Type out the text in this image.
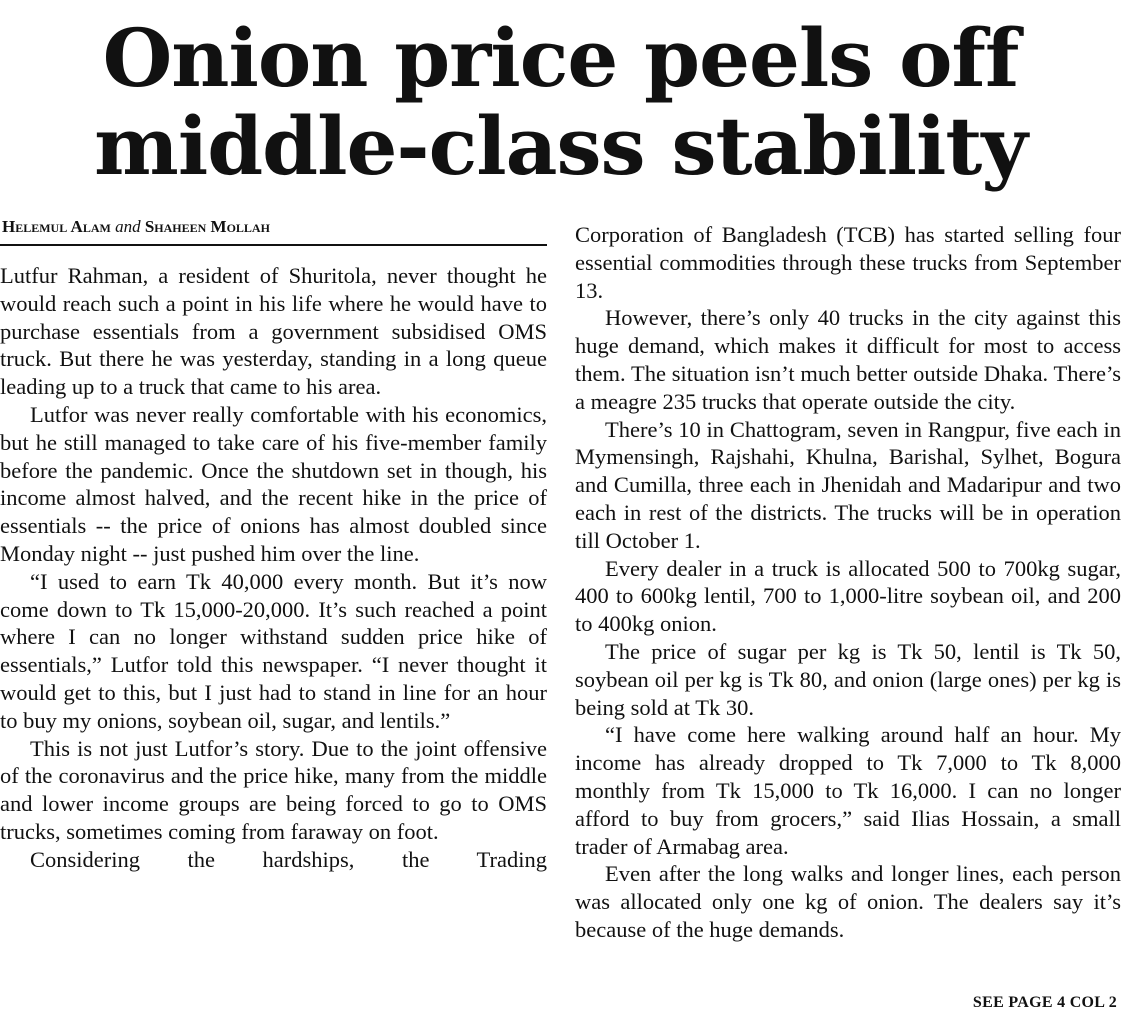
Onion price peels off
middle-class stability
Helemul Alam and Shaheen Mollah

Lutfur Rahman, a resident of Shuritola, never thought he would reach such a point in his life where he would have to purchase essentials from a government subsidised OMS truck. But there he was yesterday, standing in a long queue leading up to a truck that came to his area.

Lutfor was never really comfortable with his economics, but he still managed to take care of his five-member family before the pandemic. Once the shutdown set in though, his income almost halved, and the recent hike in the price of essentials -- the price of onions has almost doubled since Monday night -- just pushed him over the line.

“I used to earn Tk 40,000 every month. But it’s now come down to Tk 15,000-20,000. It’s such reached a point where I can no longer withstand sudden price hike of essentials,” Lutfor told this newspaper. “I never thought it would get to this, but I just had to stand in line for an hour to buy my onions, soybean oil, sugar, and lentils.”

This is not just Lutfor’s story. Due to the joint offensive of the coronavirus and the price hike, many from the middle and lower income groups are being forced to go to OMS trucks, sometimes coming from faraway on foot.

Considering the hardships, the Trading

Corporation of Bangladesh (TCB) has started selling four essential commodities through these trucks from September 13.

However, there’s only 40 trucks in the city against this huge demand, which makes it difficult for most to access them. The situation isn’t much better outside Dhaka. There’s a meagre 235 trucks that operate outside the city.

There’s 10 in Chattogram, seven in Rangpur, five each in Mymensingh, Rajshahi, Khulna, Barishal, Sylhet, Bogura and Cumilla, three each in Jhenidah and Madaripur and two each in rest of the districts. The trucks will be in operation till October 1.

Every dealer in a truck is allocated 500 to 700kg sugar, 400 to 600kg lentil, 700 to 1,000-litre soybean oil, and 200 to 400kg onion.

The price of sugar per kg is Tk 50, lentil is Tk 50, soybean oil per kg is Tk 80, and onion (large ones) per kg is being sold at Tk 30.

“I have come here walking around half an hour. My income has already dropped to Tk 7,000 to Tk 8,000 monthly from Tk 15,000 to Tk 16,000. I can no longer afford to buy from grocers,” said Ilias Hossain, a small trader of Armabag area.

Even after the long walks and longer lines, each person was allocated only one kg of onion. The dealers say it’s because of the huge demands.

SEE PAGE 4 COL 2
